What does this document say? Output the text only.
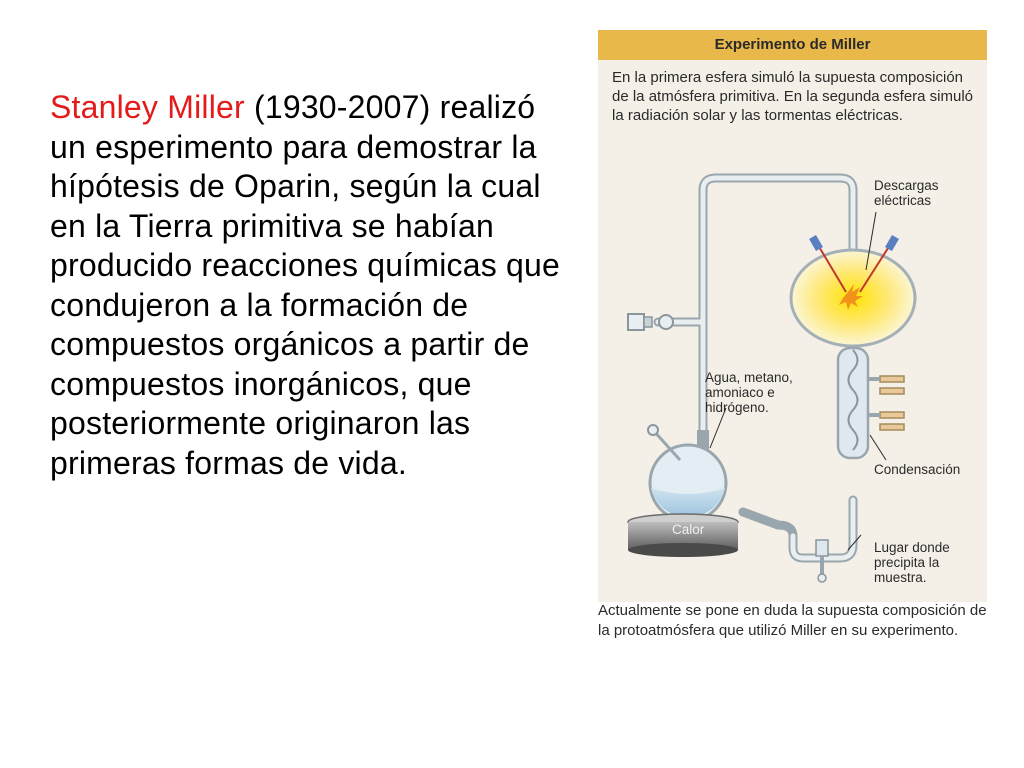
Stanley Miller (1930-2007) realizó un esperimento para demostrar la hípótesis de Oparin, según la cual en la Tierra primitiva se habían producido reacciones químicas que condujeron a la formación de compuestos orgánicos a partir de compuestos inorgánicos, que posteriormente originaron las primeras formas de vida.
Experimento de Miller
En la primera esfera simuló la supuesta composición de la atmósfera primitiva. En la segunda esfera simuló la radiación solar y las tormentas eléctricas.
Descargas eléctricas
Agua, metano, amoniaco e hidrógeno.
Condensación
Lugar donde precipita la muestra.
Calor
Actualmente se pone en duda la supuesta composición de la protoatmósfera que utilizó Miller en su experimento.
